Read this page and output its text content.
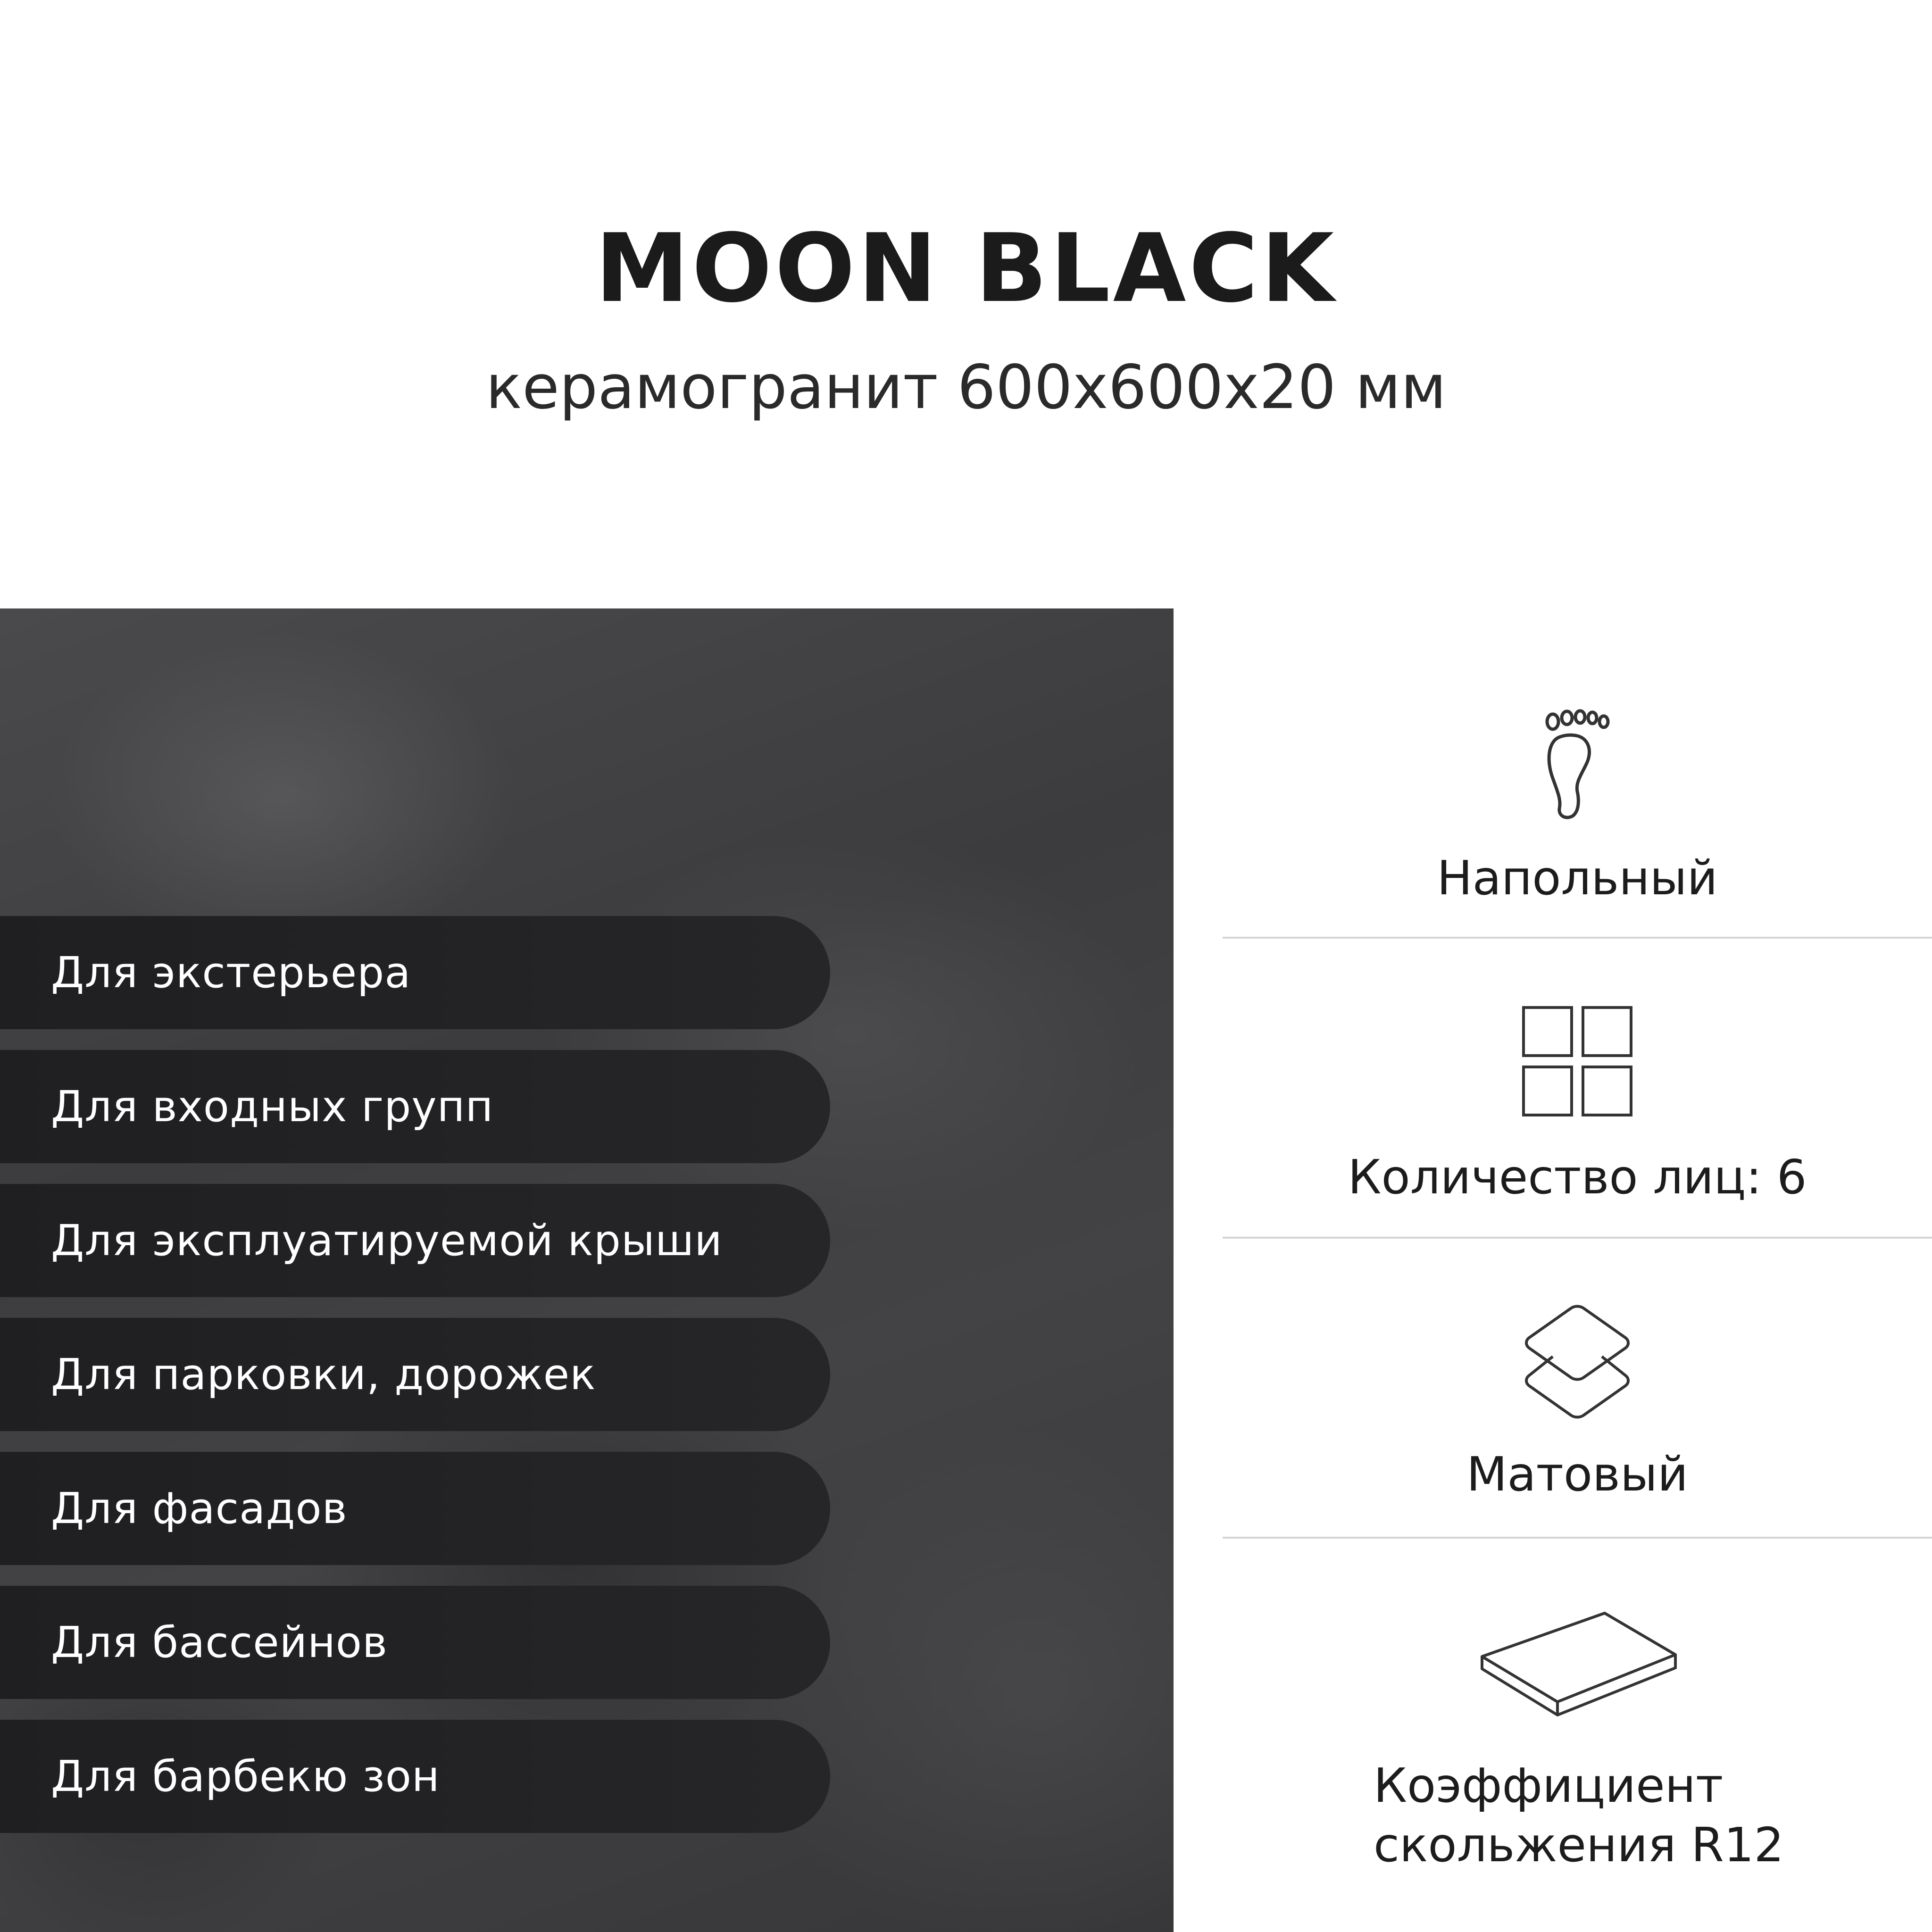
MOON BLACK
керамогранит 600x600x20 мм
Для экстерьера
Для входных групп
Для эксплуатируемой крыши
Для парковки, дорожек
Для фасадов
Для бассейнов
Для барбекю зон
Напольный
Количество лиц: 6
Матовый
Коэффициент
скольжения R12
